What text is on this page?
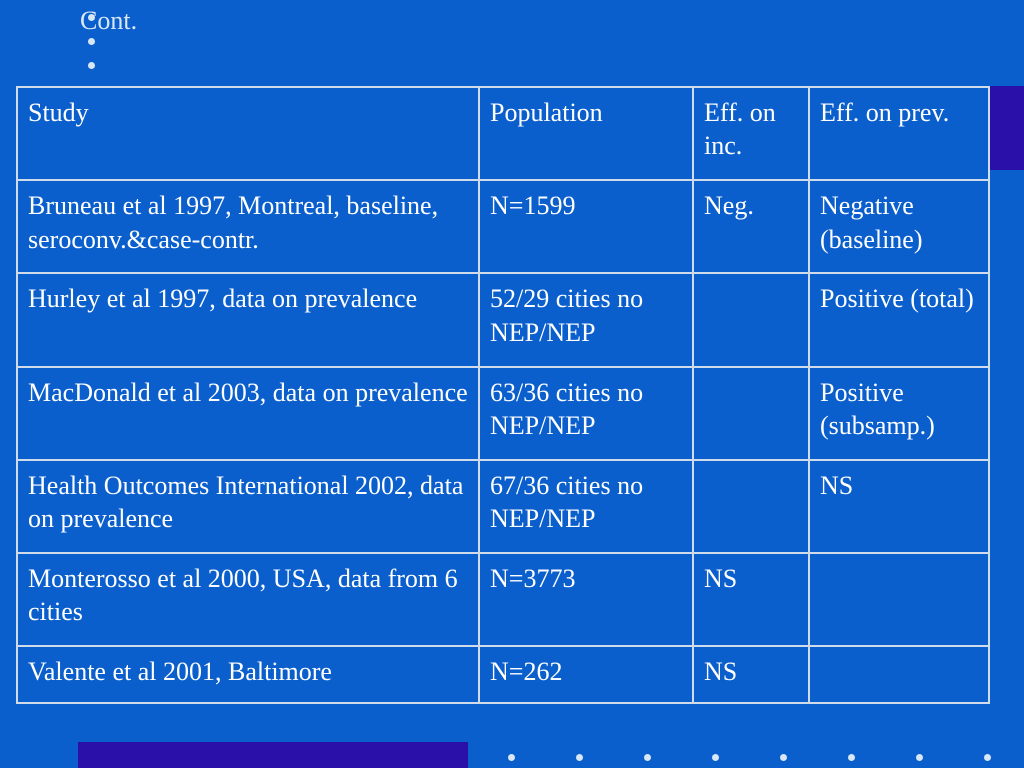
Cont.
Study	Population	Eff. on inc.	Eff. on prev.
Bruneau et al 1997, Montreal, baseline, seroconv.&case-contr.	N=1599	Neg.	Negative (baseline)
Hurley et al 1997, data on prevalence	52/29 cities no NEP/NEP		Positive (total)
MacDonald et al 2003, data on prevalence	63/36 cities no NEP/NEP		Positive (subsamp.)
Health Outcomes International 2002, data on prevalence	67/36 cities no NEP/NEP		NS
Monterosso et al 2000, USA, data from 6 cities	N=3773	NS	
Valente et al 2001, Baltimore	N=262	NS	
